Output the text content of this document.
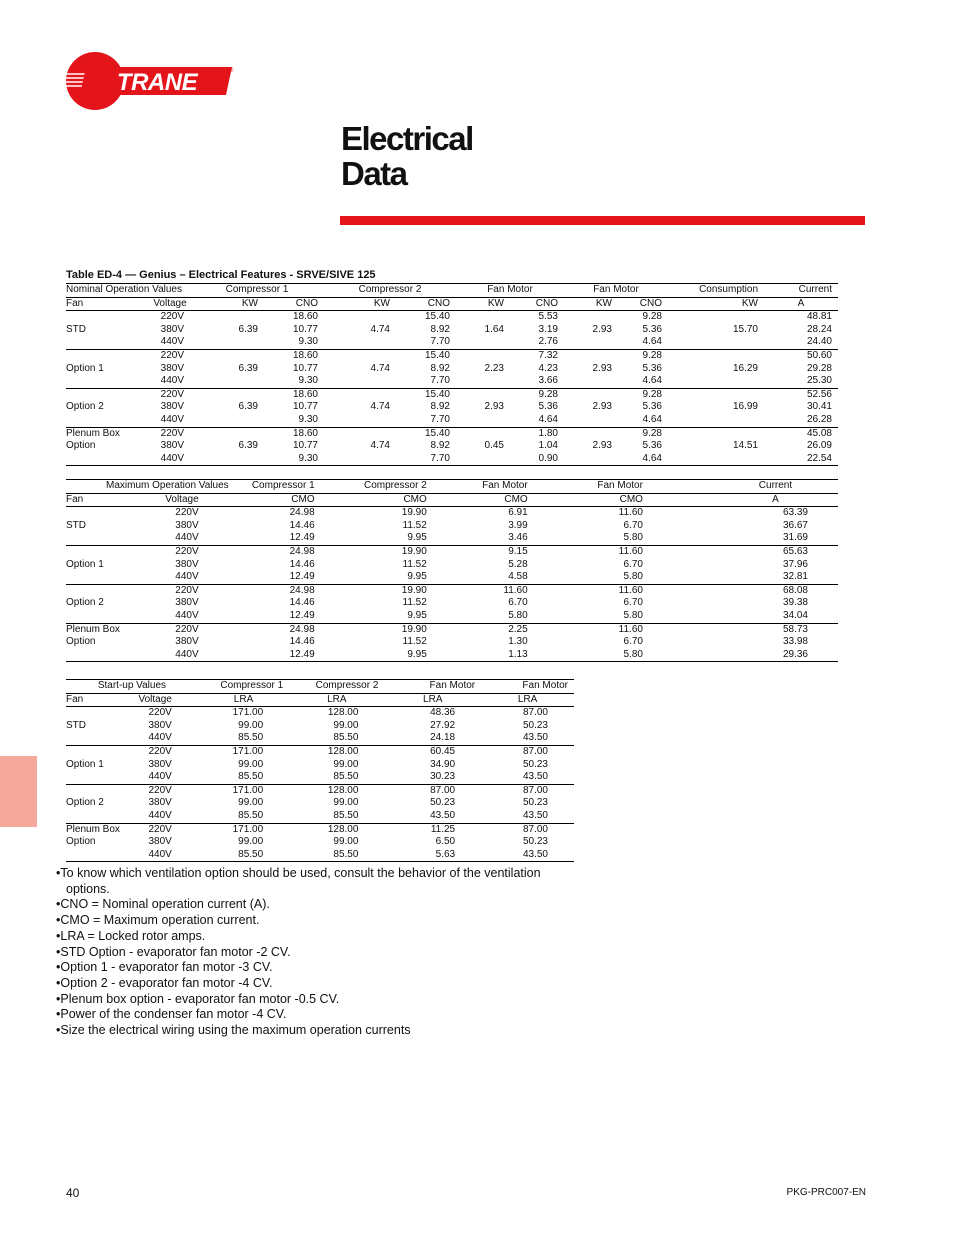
TRANE	®
Electrical
Data
Table ED-4 — Genius – Electrical Features - SRVE/SIVE 125
Nominal Operation Values		Compressor 1		Compressor 2		Fan Motor		Fan Motor		Consumption	Current
Fan	Voltage	KW	CNO	KW	CNO	KW	CNO	KW	CNO	KW	A
	220V		18.60		15.40		5.53		9.28		48.81
STD	380V	6.39	10.77	4.74	8.92	1.64	3.19	2.93	5.36	15.70	28.24
	440V		9.30		7.70		2.76		4.64		24.40
	220V		18.60		15.40		7.32		9.28		50.60
Option 1	380V	6.39	10.77	4.74	8.92	2.23	4.23	2.93	5.36	16.29	29.28
	440V		9.30		7.70		3.66		4.64		25.30
	220V		18.60		15.40		9.28		9.28		52.56
Option 2	380V	6.39	10.77	4.74	8.92	2.93	5.36	2.93	5.36	16.99	30.41
	440V		9.30		7.70		4.64		4.64		26.28
Plenum Box	220V		18.60		15.40		1.80		9.28		45.08
Option	380V	6.39	10.77	4.74	8.92	0.45	1.04	2.93	5.36	14.51	26.09
	440V		9.30		7.70		0.90		4.64		22.54
Maximum Operation Values		Compressor 1	Compressor 2	Fan Motor	Fan Motor	Current
Fan	Voltage	CMO	CMO	CMO	CMO	A
	220V	24.98	19.90	6.91	11.60	63.39
STD	380V	14.46	11.52	3.99	6.70	36.67
	440V	12.49	9.95	3.46	5.80	31.69
	220V	24.98	19.90	9.15	11.60	65.63
Option 1	380V	14.46	11.52	5.28	6.70	37.96
	440V	12.49	9.95	4.58	5.80	32.81
	220V	24.98	19.90	11.60	11.60	68.08
Option 2	380V	14.46	11.52	6.70	6.70	39.38
	440V	12.49	9.95	5.80	5.80	34.04
Plenum Box	220V	24.98	19.90	2.25	11.60	58.73
Option	380V	14.46	11.52	1.30	6.70	33.98
	440V	12.49	9.95	1.13	5.80	29.36
Start-up Values		Compressor 1	Compressor 2	Fan Motor	Fan Motor
Fan	Voltage	LRA	LRA	LRA	LRA
	220V	171.00	128.00	48.36	87.00
STD	380V	99.00	99.00	27.92	50.23
	440V	85.50	85.50	24.18	43.50
	220V	171.00	128.00	60.45	87.00
Option 1	380V	99.00	99.00	34.90	50.23
	440V	85.50	85.50	30.23	43.50
	220V	171.00	128.00	87.00	87.00
Option 2	380V	99.00	99.00	50.23	50.23
	440V	85.50	85.50	43.50	43.50
Plenum Box	220V	171.00	128.00	11.25	87.00
Option	380V	99.00	99.00	6.50	50.23
	440V	85.50	85.50	5.63	43.50
• To know which ventilation option should be used, consult the behavior of the ventilation options.
• CNO = Nominal operation current (A).
• CMO = Maximum operation current.
• LRA = Locked rotor amps.
• STD Option - evaporator fan motor -2 CV.
• Option 1 - evaporator fan motor -3 CV.
• Option 2 - evaporator fan motor -4 CV.
• Plenum box option - evaporator fan motor -0.5 CV.
• Power of the condenser fan motor -4 CV.
• Size the electrical wiring using the maximum operation currents
40	PKG-PRC007-EN
